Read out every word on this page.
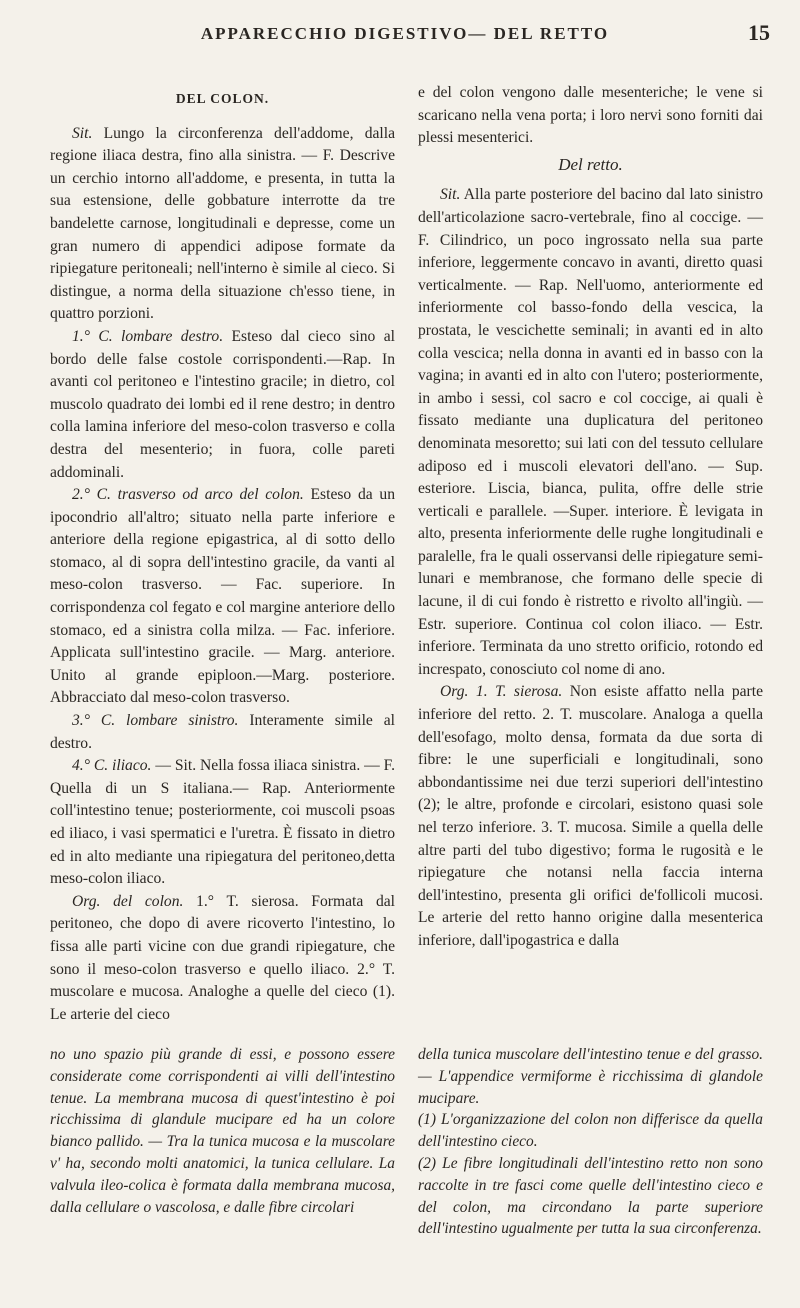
APPARECCHIO DIGESTIVO— DEL RETTO	15
DEL COLON.

Sit. Lungo la circonferenza dell'addome, dalla regione iliaca destra, fino alla sinistra. — F. Descrive un cerchio intorno all'addome, e presenta, in tutta la sua estensione, delle gobbature interrotte da tre bandelette carnose, longitudinali e depresse, come un gran numero di appendici adipose formate da ripiegature peritoneali; nell'interno è simile al cieco. Si distingue, a norma della situazione ch'esso tiene, in quattro porzioni.

1.° C. lombare destro. Esteso dal cieco sino al bordo delle false costole corrispondenti.—Rap. In avanti col peritoneo e l'intestino gracile; in dietro, col muscolo quadrato dei lombi ed il rene destro; in dentro colla lamina inferiore del meso-colon trasverso e colla destra del mesenterio; in fuora, colle pareti addominali.

2.° C. trasverso od arco del colon. Esteso da un ipocondrio all'altro; situato nella parte inferiore e anteriore della regione epigastrica, al di sotto dello stomaco, al di sopra dell'intestino gracile, da vanti al meso-colon trasverso. — Fac. superiore. In corrispondenza col fegato e col margine anteriore dello stomaco, ed a sinistra colla milza. — Fac. inferiore. Applicata sull'intestino gracile. — Marg. anteriore. Unito al grande epiploon.—Marg. posteriore. Abbracciato dal meso-colon trasverso.

3.° C. lombare sinistro. Interamente simile al destro.

4.° C. iliaco. — Sit. Nella fossa iliaca sinistra. — F. Quella di un S italiana.— Rap. Anteriormente coll'intestino tenue; posteriormente, coi muscoli psoas ed iliaco, i vasi spermatici e l'uretra. È fissato in dietro ed in alto mediante una ripiegatura del peritoneo,detta meso-colon iliaco.

Org. del colon. 1.° T. sierosa. Formata dal peritoneo, che dopo di avere ricoverto l'intestino, lo fissa alle parti vicine con due grandi ripiegature, che sono il meso-colon trasverso e quello iliaco. 2.° T. muscolare e mucosa. Analoghe a quelle del cieco (1). Le arterie del cieco

e del colon vengono dalle mesenteriche; le vene si scaricano nella vena porta; i loro nervi sono forniti dai plessi mesenterici.

Del retto.

Sit. Alla parte posteriore del bacino dal lato sinistro dell'articolazione sacro-vertebrale, fino al coccige. — F. Cilindrico, un poco ingrossato nella sua parte inferiore, leggermente concavo in avanti, diretto quasi verticalmente. — Rap. Nell'uomo, anteriormente ed inferiormente col basso-fondo della vescica, la prostata, le vescichette seminali; in avanti ed in alto colla vescica; nella donna in avanti ed in basso con la vagina; in avanti ed in alto con l'utero; posteriormente, in ambo i sessi, col sacro e col coccige, ai quali è fissato mediante una duplicatura del peritoneo denominata mesoretto; sui lati con del tessuto cellulare adiposo ed i muscoli elevatori dell'ano. — Sup. esteriore. Liscia, bianca, pulita, offre delle strie verticali e parallele. —Super. interiore. È levigata in alto, presenta inferiormente delle rughe longitudinali e paralelle, fra le quali osservansi delle ripiegature semi-lunari e membranose, che formano delle specie di lacune, il di cui fondo è ristretto e rivolto all'ingiù. — Estr. superiore. Continua col colon iliaco. — Estr. inferiore. Terminata da uno stretto orificio, rotondo ed increspato, conosciuto col nome di ano.

Org. 1. T. sierosa. Non esiste affatto nella parte inferiore del retto. 2. T. muscolare. Analoga a quella dell'esofago, molto densa, formata da due sorta di fibre: le une superficiali e longitudinali, sono abbondantissime nei due terzi superiori dell'intestino (2); le altre, profonde e circolari, esistono quasi sole nel terzo inferiore. 3. T. mucosa. Simile a quella delle altre parti del tubo digestivo; forma le rugosità e le ripiegature che notansi nella faccia interna dell'intestino, presenta gli orifici de'follicoli mucosi. Le arterie del retto hanno origine dalla mesenterica inferiore, dall'ipogastrica e dalla

no uno spazio più grande di essi, e possono essere considerate come corrispondenti ai villi dell'intestino tenue. La membrana mucosa di quest'intestino è poi ricchissima di glandule mucipare ed ha un colore bianco pallido. — Tra la tunica mucosa e la muscolare v' ha, secondo molti anatomici, la tunica cellulare. La valvula ileo-colica è formata dalla membrana mucosa, dalla cellulare o vascolosa, e dalle fibre circolari

della tunica muscolare dell'intestino tenue e del grasso. — L'appendice vermiforme è ricchissima di glandole mucipare.

(1) L'organizzazione del colon non differisce da quella dell'intestino cieco.

(2) Le fibre longitudinali dell'intestino retto non sono raccolte in tre fasci come quelle dell'intestino cieco e del colon, ma circondano la parte superiore dell'intestino ugualmente per tutta la sua circonferenza.
